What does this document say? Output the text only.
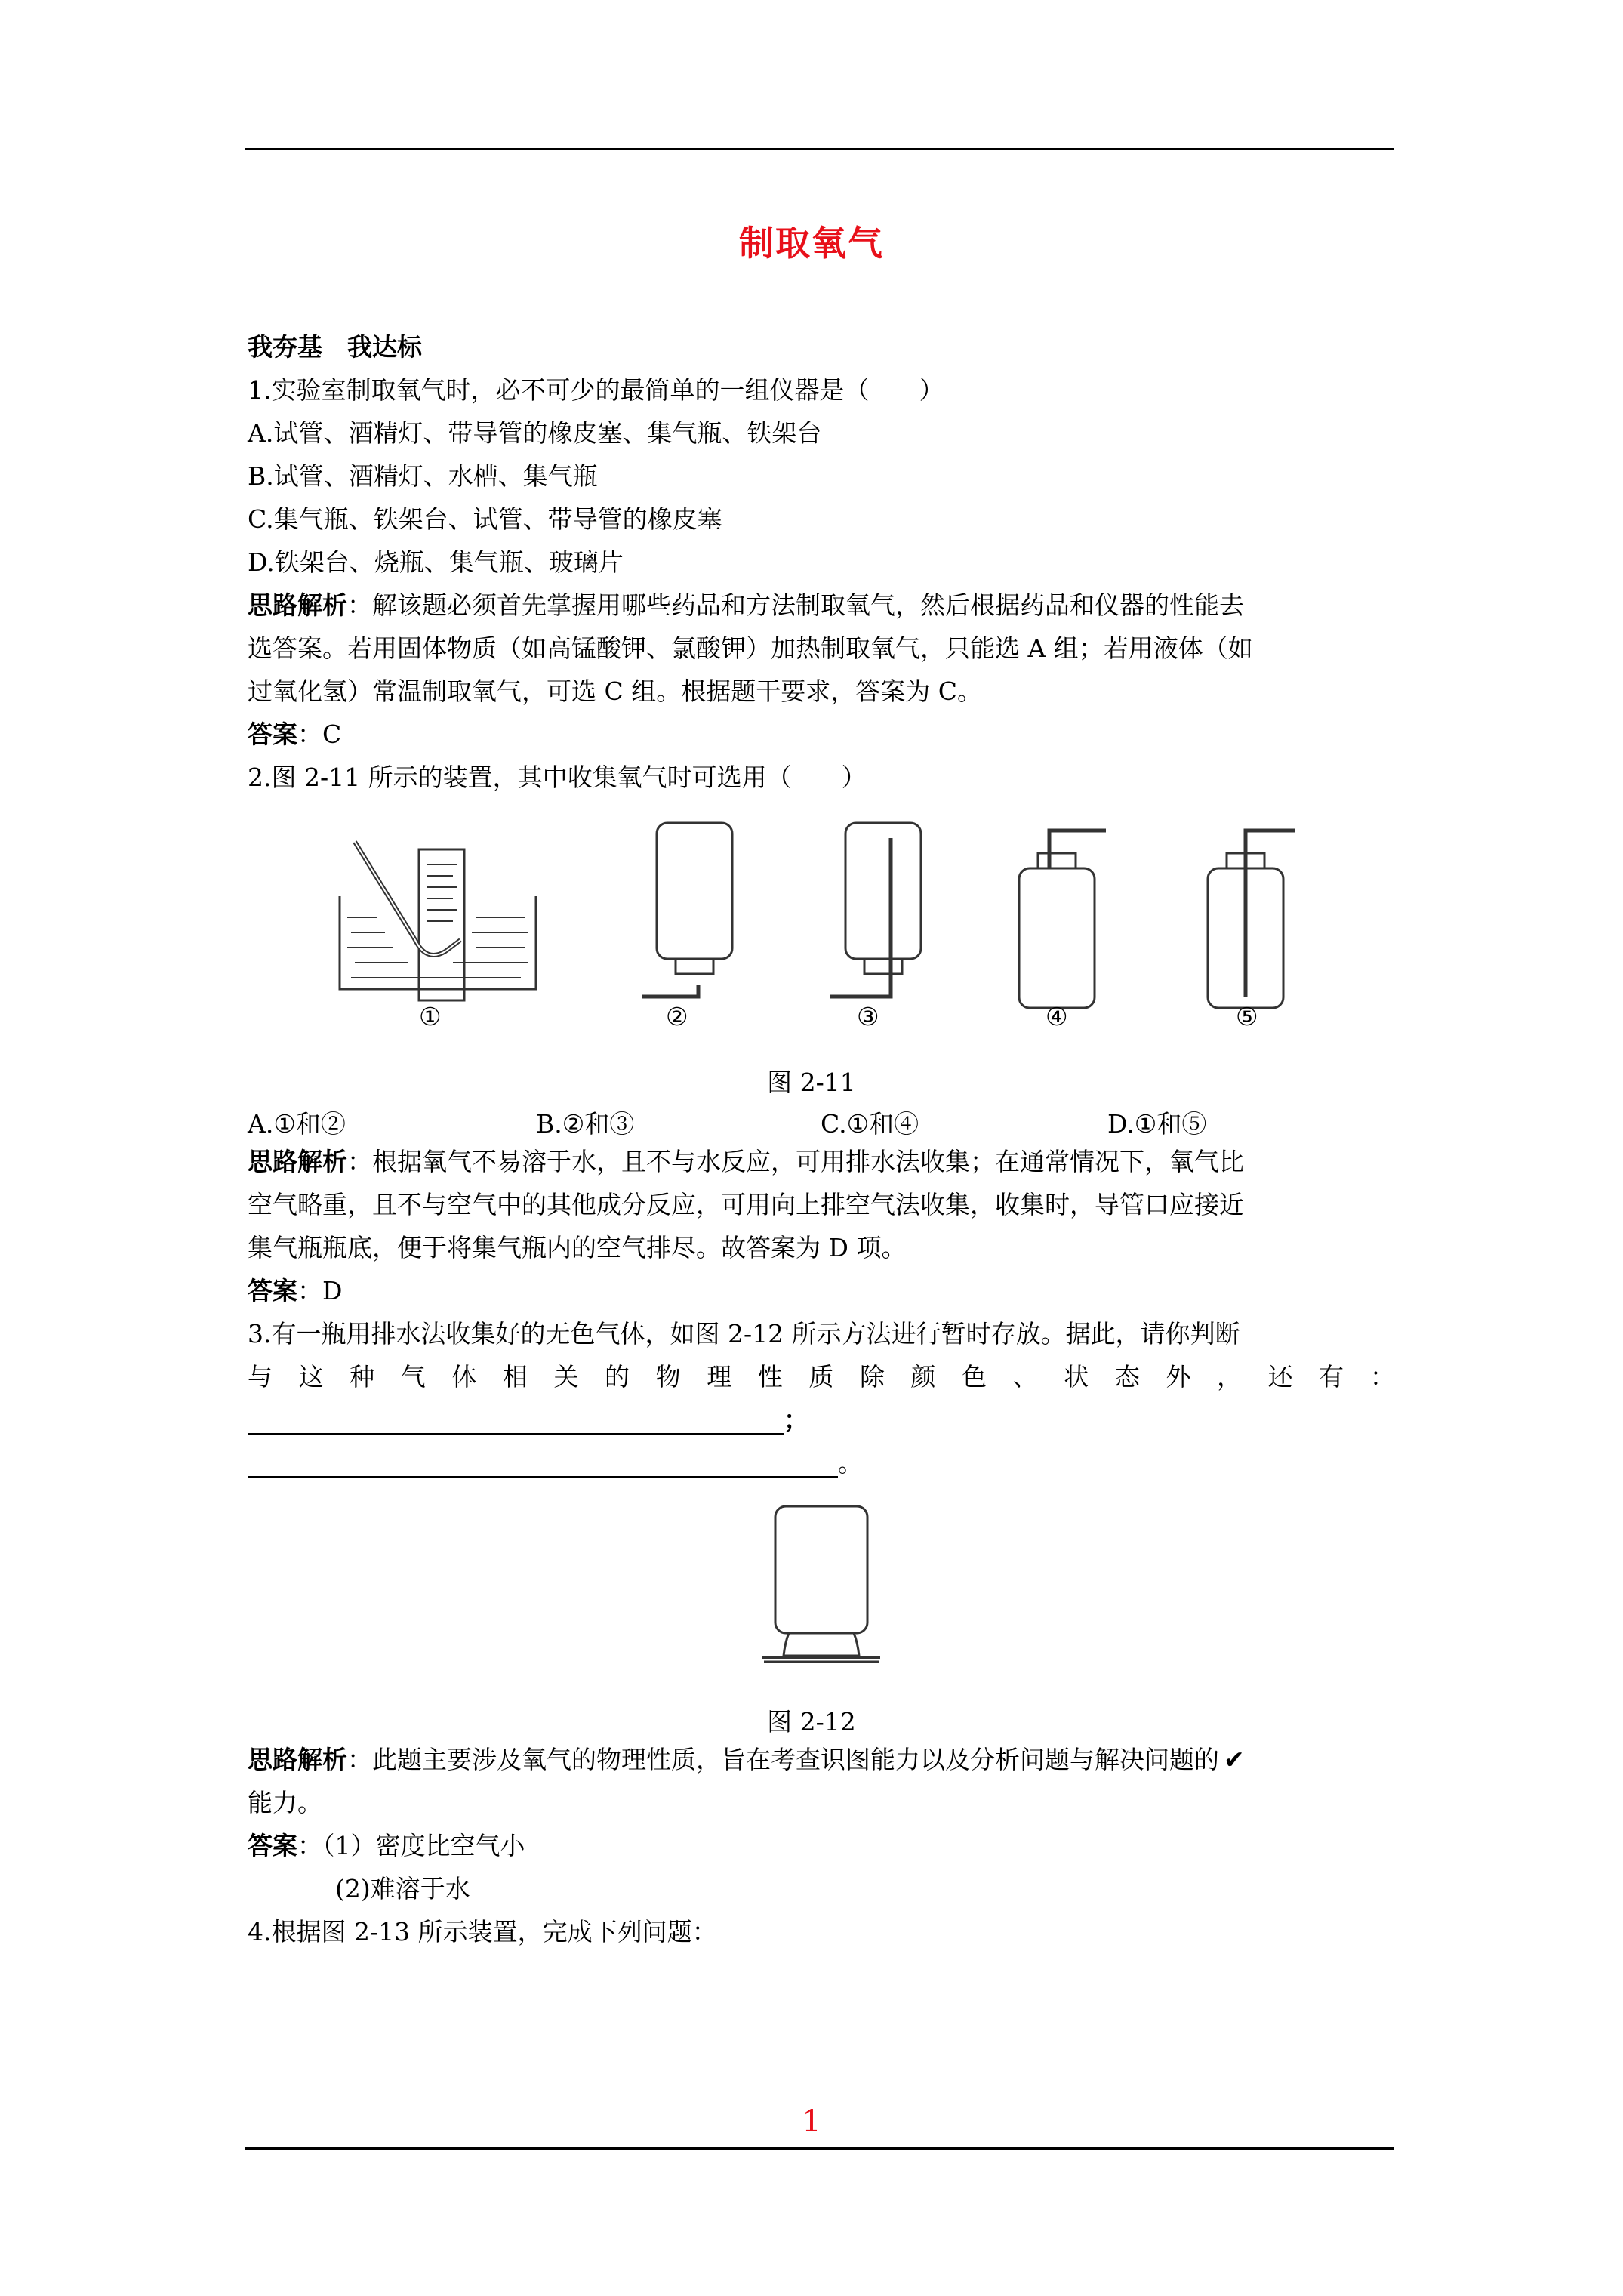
制取氧气
我夯基　我达标
1.实验室制取氧气时，必不可少的最简单的一组仪器是（　　）
A.试管、酒精灯、带导管的橡皮塞、集气瓶、铁架台
B.试管、酒精灯、水槽、集气瓶
C.集气瓶、铁架台、试管、带导管的橡皮塞
D.铁架台、烧瓶、集气瓶、玻璃片
思路解析：解该题必须首先掌握用哪些药品和方法制取氧气，然后根据药品和仪器的性能去
选答案。若用固体物质（如高锰酸钾、氯酸钾）加热制取氧气，只能选 A 组；若用液体（如
过氧化氢）常温制取氧气，可选 C 组。根据题干要求，答案为 C。
答案：C
2.图 2-11 所示的装置，其中收集氧气时可选用（　　）
①	②	③	④	⑤
图 2-11
A.①和②	B.②和③	C.①和④	D.①和⑤
思路解析：根据氧气不易溶于水，且不与水反应，可用排水法收集；在通常情况下，氧气比
空气略重，且不与空气中的其他成分反应，可用向上排空气法收集，收集时，导管口应接近
集气瓶瓶底，便于将集气瓶内的空气排尽。故答案为 D 项。
答案：D
3.有一瓶用排水法收集好的无色气体，如图 2-12 所示方法进行暂时存放。据此，请你判断
与 这 种 气 体 相 关 的 物 理 性 质 除 颜 色 、 状 态 外 ， 还 有 ：
；
。
图 2-12
思路解析：此题主要涉及氧气的物理性质，旨在考查识图能力以及分析问题与解决问题的 ✔
能力。
答案：（1）密度比空气小
(2)难溶于水
4.根据图 2-13 所示装置，完成下列问题：
1
